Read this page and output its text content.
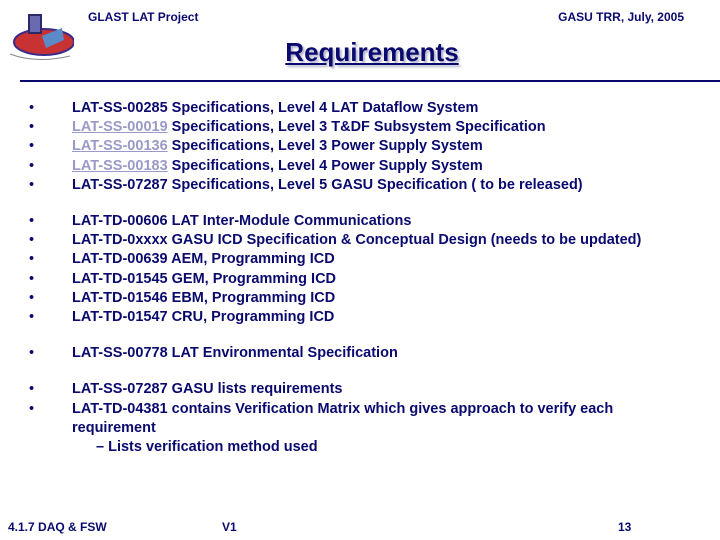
GLAST LAT Project	GASU TRR, July, 2005
Requirements
•	LAT-SS-00285 Specifications, Level 4 LAT Dataflow System
•	LAT-SS-00019 Specifications, Level 3 T&DF Subsystem Specification
•	LAT-SS-00136 Specifications, Level 3 Power Supply System
•	LAT-SS-00183 Specifications, Level 4 Power Supply System
•	LAT-SS-07287 Specifications, Level 5 GASU Specification ( to be released)
•	LAT-TD-00606 LAT Inter-Module Communications
•	LAT-TD-0xxxx GASU ICD Specification & Conceptual Design (needs to be updated)
•	LAT-TD-00639 AEM, Programming ICD
•	LAT-TD-01545 GEM, Programming ICD
•	LAT-TD-01546 EBM, Programming ICD
•	LAT-TD-01547 CRU, Programming ICD
•	LAT-SS-00778 LAT Environmental Specification
•	LAT-SS-07287 GASU lists requirements
•	LAT-TD-04381 contains Verification Matrix which gives approach to verify each requirement
– Lists verification method used
4.1.7 DAQ & FSW	V1	13
